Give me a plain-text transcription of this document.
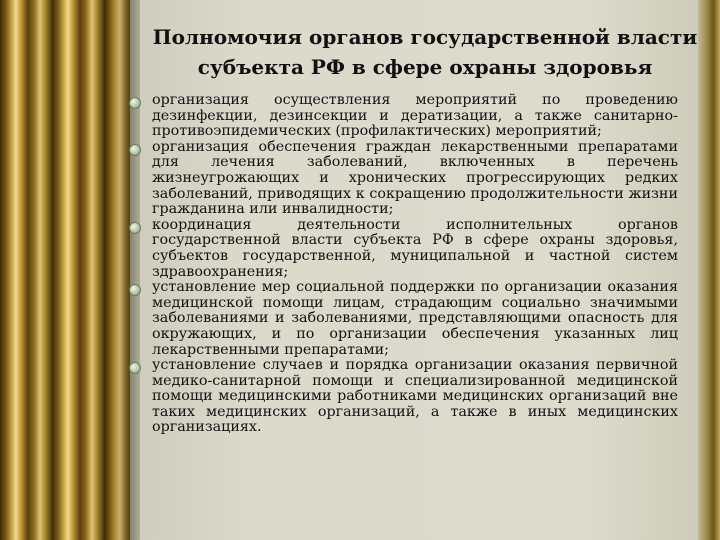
Полномочия органов государственной власти
субъекта РФ в сфере охраны здоровья
организация осуществления мероприятий по проведению дезинфекции, дезинсекции и дератизации, а также санитарно-противоэпидемических (профилактических) мероприятий;
организация обеспечения граждан лекарственными препаратами для лечения заболеваний, включенных в перечень жизнеугрожающих и хронических прогрессирующих редких заболеваний, приводящих к сокращению продолжительности жизни гражданина или инвалидности;
координация деятельности исполнительных органов государственной власти субъекта РФ в сфере охраны здоровья, субъектов государственной, муниципальной и частной систем здравоохранения;
установление мер социальной поддержки по организации оказания медицинской помощи лицам, страдающим социально значимыми заболеваниями и заболеваниями, представляющими опасность для окружающих, и по организации обеспечения указанных лиц лекарственными препаратами;
установление случаев и порядка организации оказания первичной медико-санитарной помощи и специализированной медицинской помощи медицинскими работниками медицинских организаций вне таких медицинских организаций, а также в иных медицинских организациях.
